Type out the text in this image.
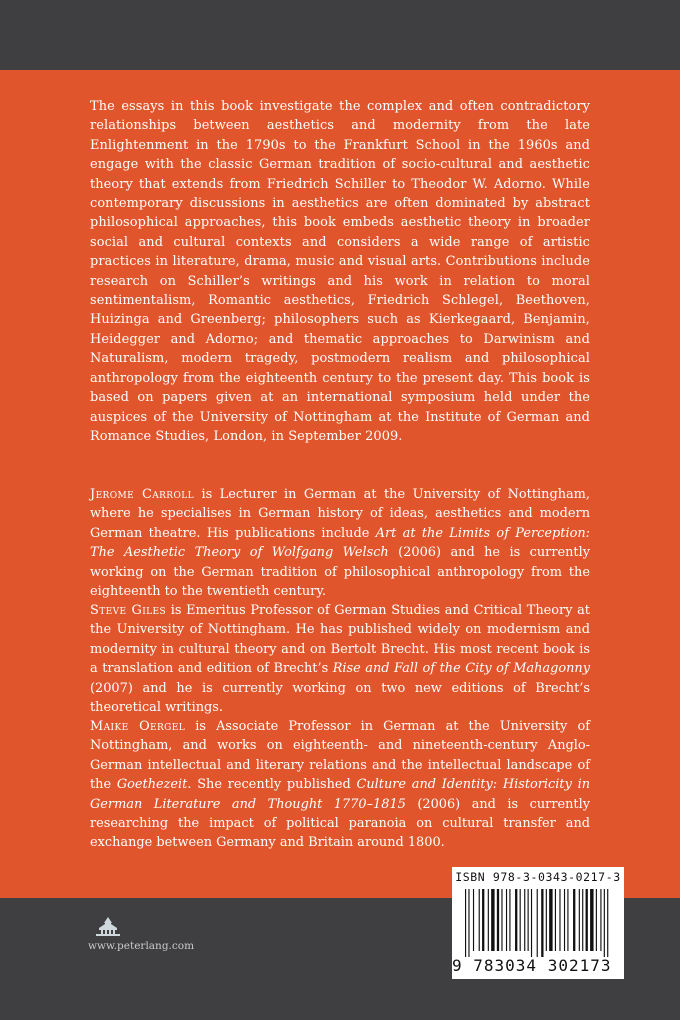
The essays in this book investigate the complex and often contradictory relationships between aesthetics and modernity from the late Enlightenment in the 1790s to the Frankfurt School in the 1960s and engage with the classic German tradition of socio-cultural and aesthetic theory that extends from Friedrich Schiller to Theodor W. Adorno. While contemporary discussions in aesthetics are often dominated by abstract philosophical approaches, this book embeds aesthetic theory in broader social and cultural contexts and considers a wide range of artistic practices in literature, drama, music and visual arts. Contributions include research on Schiller’s writings and his work in relation to moral sentimentalism, Romantic aesthetics, Friedrich Schlegel, Beethoven, Huizinga and Greenberg; philosophers such as Kierkegaard, Benjamin, Heidegger and Adorno; and thematic approaches to Darwinism and Naturalism, modern tragedy, postmodern realism and philosophical anthropology from the eighteenth century to the present day. This book is based on papers given at an international symposium held under the auspices of the University of Nottingham at the Institute of German and Romance Studies, London, in September 2009.

Jerome Carroll is Lecturer in German at the University of Nottingham, where he specialises in German history of ideas, aesthetics and modern German theatre. His publications include Art at the Limits of Perception: The Aesthetic Theory of Wolfgang Welsch (2006) and he is currently working on the German tradition of philosophical anthropology from the eighteenth to the twentieth century.

Steve Giles is Emeritus Professor of German Studies and Critical Theory at the University of Nottingham. He has published widely on modernism and modernity in cultural theory and on Bertolt Brecht. His most recent book is a translation and edition of Brecht’s Rise and Fall of the City of Mahagonny (2007) and he is currently working on two new editions of Brecht’s theoretical writings.

Maike Oergel is Associate Professor in German at the University of Nottingham, and works on eighteenth- and nineteenth-century Anglo-German intellectual and literary relations and the intellectual landscape of the Goethezeit. She recently published Culture and Identity: Historicity in German Literature and Thought 1770–1815 (2006) and is currently researching the impact of political paranoia on cultural transfer and exchange between Germany and Britain around 1800.

ISBN 978-3-0343-0217-3
9 783034 302173
www.peterlang.com
